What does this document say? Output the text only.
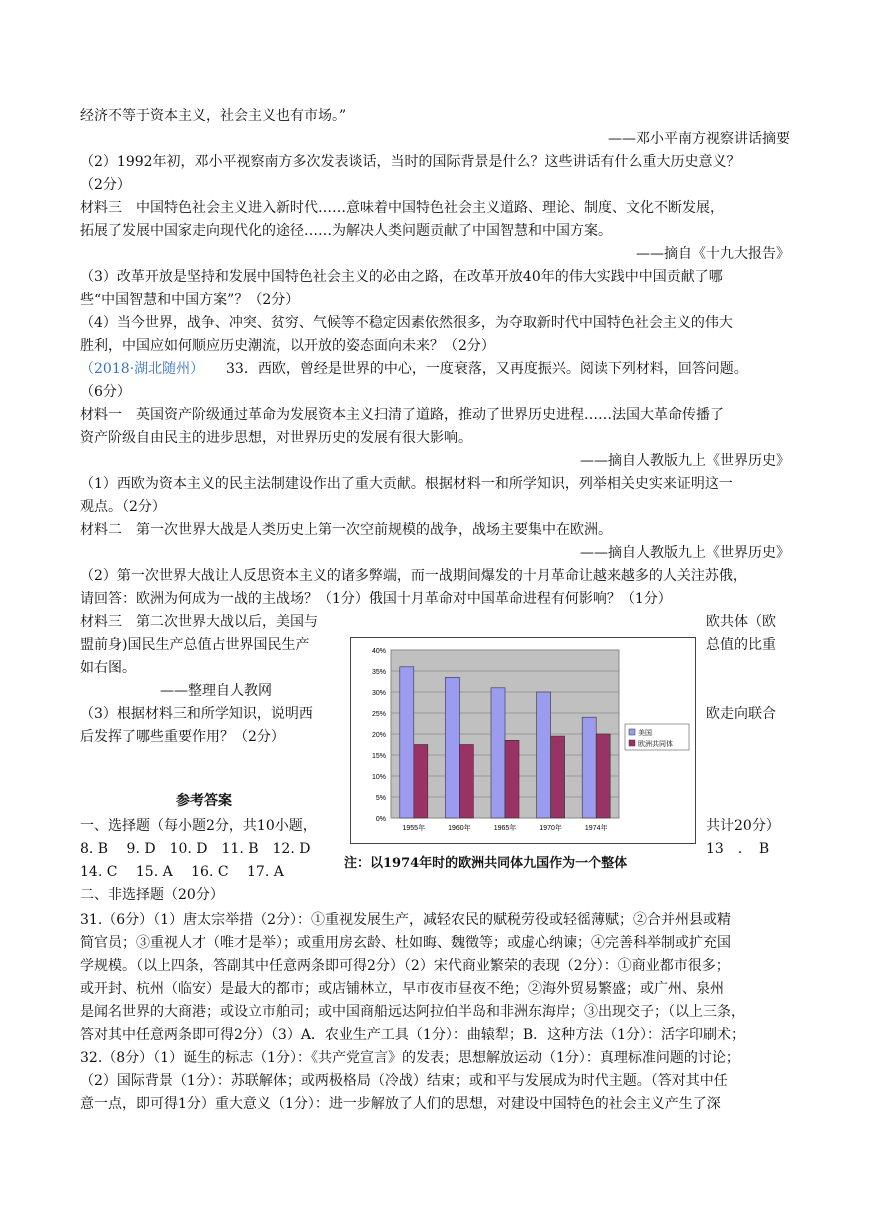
经济不等于资本主义，社会主义也有市场。”
——邓小平南方视察讲话摘要
（2）1992年初，邓小平视察南方多次发表谈话，当时的国际背景是什么？这些讲话有什么重大历史意义？
（2分）
材料三　中国特色社会主义进入新时代……意味着中国特色社会主义道路、理论、制度、文化不断发展，
拓展了发展中国家走向现代化的途径……为解决人类问题贡献了中国智慧和中国方案。
——摘自《十九大报告》
（3）改革开放是坚持和发展中国特色社会主义的必由之路，在改革开放40年的伟大实践中中国贡献了哪
些“中国智慧和中国方案”？（2分）
（4）当今世界，战争、冲突、贫穷、气候等不稳定因素依然很多，为夺取新时代中国特色社会主义的伟大
胜利，中国应如何顺应历史潮流，以开放的姿态面向未来？（2分）
（2018·湖北随州） 33．西欧，曾经是世界的中心，一度衰落，又再度振兴。阅读下列材料，回答问题。
（6分）
材料一　英国资产阶级通过革命为发展资本主义扫清了道路，推动了世界历史进程……法国大革命传播了
资产阶级自由民主的进步思想，对世界历史的发展有很大影响。
——摘自人教版九上《世界历史》
（1）西欧为资本主义的民主法制建设作出了重大贡献。根据材料一和所学知识，列举相关史实来证明这一
观点。（2分）
材料二　第一次世界大战是人类历史上第一次空前规模的战争，战场主要集中在欧洲。
——摘自人教版九上《世界历史》
（2）第一次世界大战让人反思资本主义的诸多弊端，而一战期间爆发的十月革命让越来越多的人关注苏俄，
请回答：欧洲为何成为一战的主战场？（1分）俄国十月革命对中国革命进程有何影响？（1分）
材料三　第二次世界大战以后，美国与
盟前身)国民生产总值占世界国民生产
如右图。
——整理自人教网
（3）根据材料三和所学知识，说明西
后发挥了哪些重要作用？（2分）
一、选择题（每小题2分，共10小题，
8. B　 9. D　10. D　11. B　12. D
14. C　 15. A　 16. C　 17. A
二、非选择题（20分）
欧共体（欧
总值的比重
欧走向联合
共计20分）
13　．　B
参考答案
31.（6分）（1）唐太宗举措（2分）：①重视发展生产，减轻农民的赋税劳役或轻徭薄赋；②合并州县或精
简官员；③重视人才（唯才是举）；或重用房玄龄、杜如晦、魏徵等；或虚心纳谏；④完善科举制或扩充国
学规模。（以上四条，答副其中任意两条即可得2分）（2）宋代商业繁荣的表现（2分）：①商业都市很多；
或开封、杭州（临安）是最大的都市；或店铺林立，早市夜市昼夜不绝；②海外贸易繁盛；或广州、泉州
是闻名世界的大商港；或设立市舶司；或中国商船远达阿拉伯半岛和非洲东海岸；③出现交子；（以上三条，
答对其中任意两条即可得2分）（3）A．农业生产工具（1分）：曲辕犁；B．这种方法（1分）：活字印刷术；
32.（8分）（1）诞生的标志（1分）：《共产党宣言》的发表；思想解放运动（1分）：真理标准问题的讨论；
（2）国际背景（1分）：苏联解体；或两极格局（冷战）结束；或和平与发展成为时代主题。（答对其中任
意一点，即可得1分）重大意义（1分）：进一步解放了人们的思想，对建设中国特色的社会主义产生了深
0%
5%
10%
15%
20%
25%
30%
35%
40%
1955年	1960年	1965年	1970年	1974年
美国
欧洲共同体
注：以1974年时的欧洲共同体九国作为一个整体
